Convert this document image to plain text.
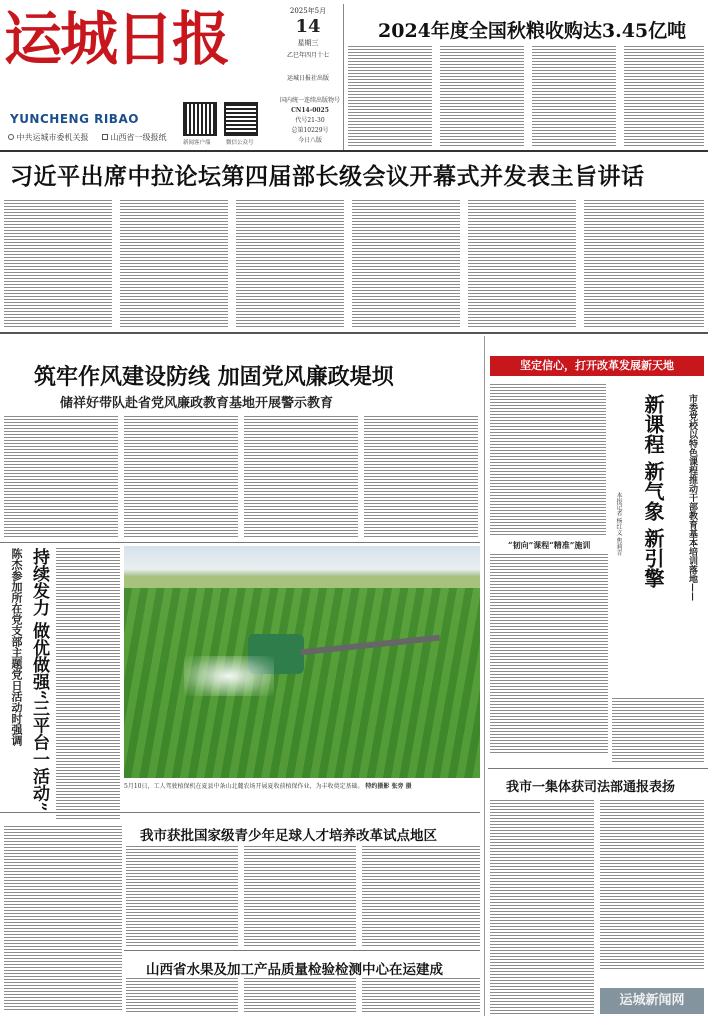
运城日报
YUNCHENG RIBAO
中共运城市委机关报	山西省一级报纸
新闻客户端	微信公众号
2025年5月
14
星期三
乙巳年四月十七
运城日报社出版
国内统一连续出版物号
CN14-0025
代号21-30
总第10229号
今日八版
2024年度全国秋粮收购达3.45亿吨
习近平出席中拉论坛第四届部长级会议开幕式并发表主旨讲话
筑牢作风建设防线 加固党风廉政堤坝
储祥好带队赴省党风廉政教育基地开展警示教育
持续发力 做优做强“三平台一活动”
陈杰参加所在党支部主题党日活动时强调
5月10日，工人驾驶植保机在夏县中条山北麓农场开展夏收前植保作业，为丰收奠定基础。 特约摄影 张旁 摄
我市获批国家级青少年足球人才培养改革试点地区
山西省水果及加工产品质量检验检测中心在运建成
坚定信心，打开改革发展新天地
新课程 新气象 新引擎 市委党校以特色课程推动干部教育基本培训落地——
本报记者 杨红义 焦莉青
“韧向”课程“精准”施训
我市一集体获司法部通报表扬
运城新闻网
